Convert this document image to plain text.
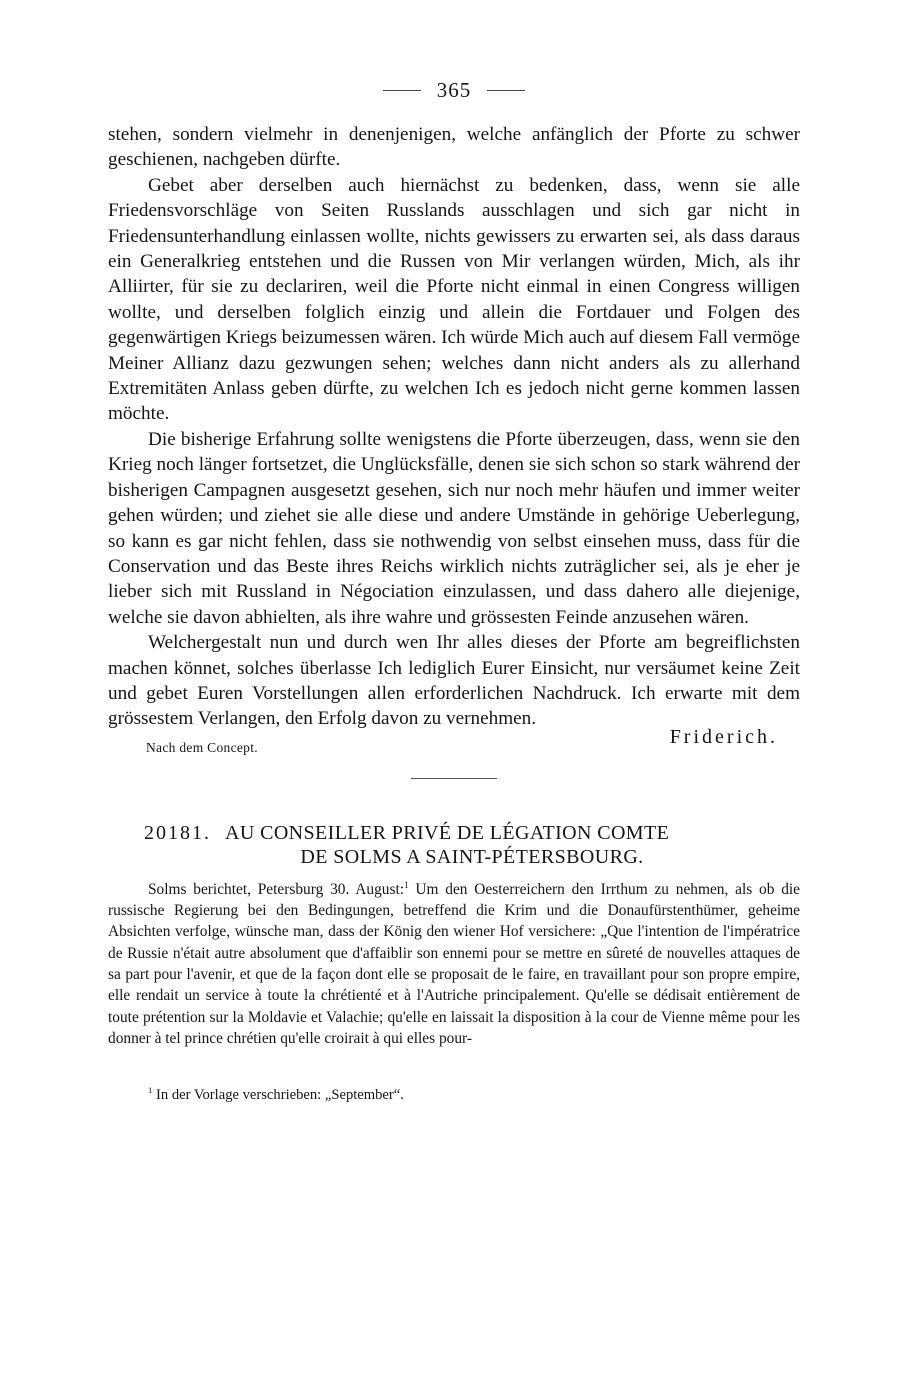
365

stehen, sondern vielmehr in denenjenigen, welche anfänglich der Pforte zu schwer geschienen, nachgeben dürfte.

Gebet aber derselben auch hiernächst zu bedenken, dass, wenn sie alle Friedensvorschläge von Seiten Russlands ausschlagen und sich gar nicht in Friedensunterhandlung einlassen wollte, nichts gewissers zu erwarten sei, als dass daraus ein Generalkrieg entstehen und die Russen von Mir verlangen würden, Mich, als ihr Alliirter, für sie zu declariren, weil die Pforte nicht einmal in einen Congress willigen wollte, und derselben folglich einzig und allein die Fortdauer und Folgen des gegenwärtigen Kriegs beizumessen wären. Ich würde Mich auch auf diesem Fall vermöge Meiner Allianz dazu gezwungen sehen; welches dann nicht anders als zu allerhand Extremitäten Anlass geben dürfte, zu welchen Ich es jedoch nicht gerne kommen lassen möchte.

Die bisherige Erfahrung sollte wenigstens die Pforte überzeugen, dass, wenn sie den Krieg noch länger fortsetzet, die Unglücksfälle, denen sie sich schon so stark während der bisherigen Campagnen ausgesetzt gesehen, sich nur noch mehr häufen und immer weiter gehen würden; und ziehet sie alle diese und andere Umstände in gehörige Ueberlegung, so kann es gar nicht fehlen, dass sie nothwendig von selbst einsehen muss, dass für die Conservation und das Beste ihres Reichs wirklich nichts zuträglicher sei, als je eher je lieber sich mit Russland in Négociation einzulassen, und dass dahero alle diejenige, welche sie davon abhielten, als ihre wahre und grössesten Feinde anzusehen wären.

Welchergestalt nun und durch wen Ihr alles dieses der Pforte am begreiflichsten machen könnet, solches überlasse Ich lediglich Eurer Einsicht, nur versäumet keine Zeit und gebet Euren Vorstellungen allen erforderlichen Nachdruck. Ich erwarte mit dem grössestem Verlangen, den Erfolg davon zu vernehmen.

Nach dem Concept.	Friderich.
20181. AU CONSEILLER PRIVÉ DE LÉGATION COMTE
DE SOLMS A SAINT-PÉTERSBOURG.

Solms berichtet, Petersburg 30. August:$^1$ Um den Oesterreichern den Irrthum zu nehmen, als ob die russische Regierung bei den Bedingungen, betreffend die Krim und die Donaufürstenthümer, geheime Absichten verfolge, wünsche man, dass der König den wiener Hof versichere: „Que l'intention de l'impératrice de Russie n'était autre absolument que d'affaiblir son ennemi pour se mettre en sûreté de nouvelles attaques de sa part pour l'avenir, et que de la façon dont elle se proposait de le faire, en travaillant pour son propre empire, elle rendait un service à toute la chrétienté et à l'Autriche principalement. Qu'elle se dédisait entièrement de toute prétention sur la Moldavie et Valachie; qu'elle en laissait la disposition à la cour de Vienne même pour les donner à tel prince chrétien qu'elle croirait à qui elles pour-

$^1$ In der Vorlage verschrieben: „September“.
